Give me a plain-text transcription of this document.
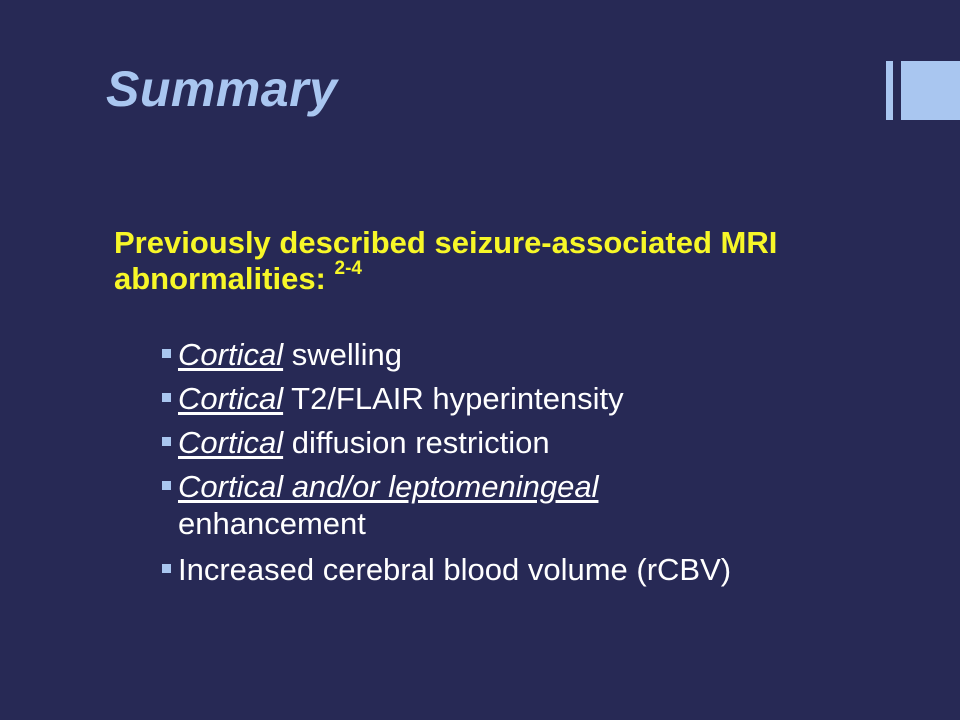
Summary

Previously described seizure-associated MRI abnormalities: $^{2-4}$

Cortical swelling
Cortical T2/FLAIR hyperintensity
Cortical diffusion restriction
Cortical and/or leptomeningeal
enhancement
Increased cerebral blood volume (rCBV)
